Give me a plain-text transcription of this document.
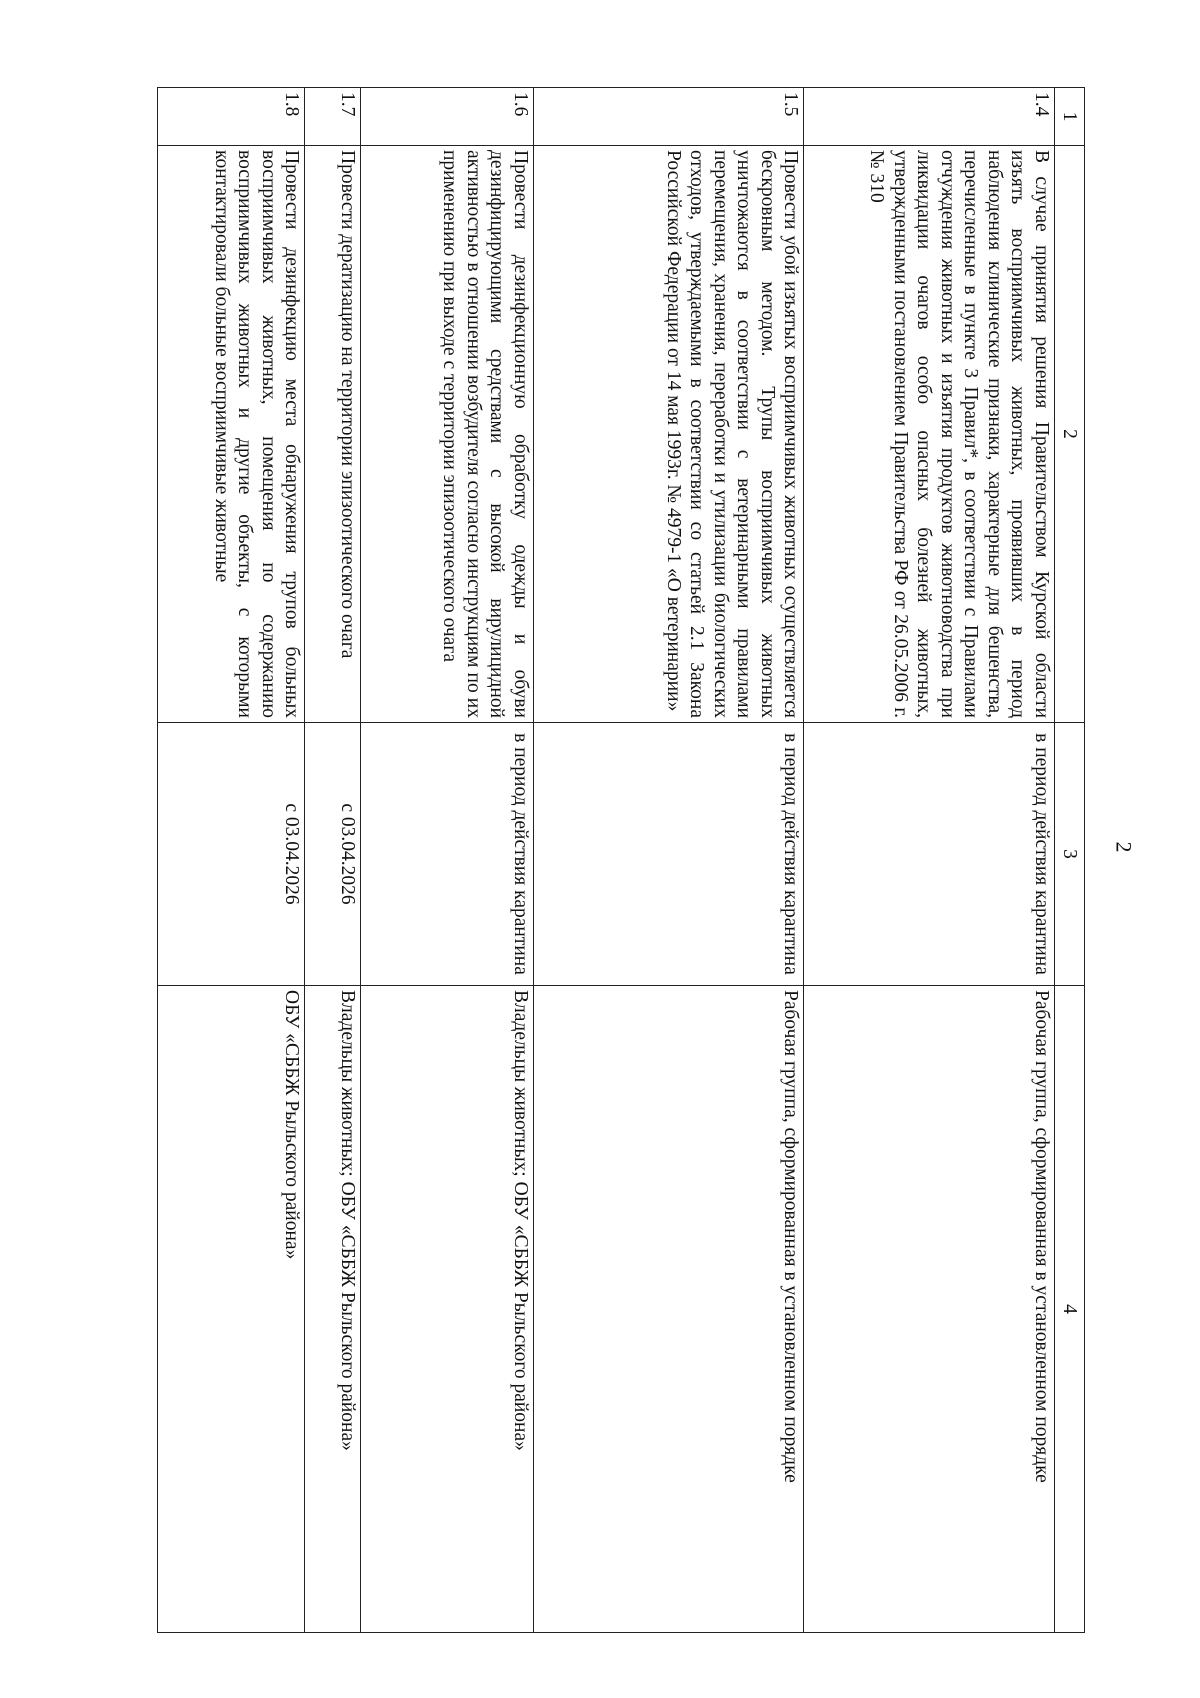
2
1	2	3	4
1.4	В случае принятия решения Правительством Курской области изъять восприимчивых животных, проявивших в период наблюдения клинические признаки, характерные для бешенства, перечисленные в пункте 3 Правил*, в соответствии с Правилами отчуждения животных и изъятия продуктов животноводства при ликвидации очагов особо опасных болезней животных, утвержденными постановлением Правительства РФ от 26.05.2006 г. № 310	в период действия карантина	Рабочая группа, сформированная в установленном порядке
1.5	Провести убой изъятых восприимчивых животных осуществляется бескровным методом. Трупы восприимчивых животных уничтожаются в соответствии с ветеринарными правилами перемещения, хранения, переработки и утилизации биологических отходов, утверждаемыми в соответствии со статьей 2.1 Закона Российской Федерации от 14 мая 1993г. № 4979-1 «О ветеринарии»	в период действия карантина	Рабочая группа, сформированная в установленном порядке
1.6	Провести дезинфекционную обработку одежды и обуви дезинфицирующими средствами с высокой вирулицидной активностью в отношении возбудителя согласно инструкциям по их применению при выходе с территории эпизоотического очага	в период действия карантина	Владельцы животных; ОБУ «СББЖ Рыльского района»
1.7	Провести дератизацию на территории эпизоотического очага	с 03.04.2026	Владельцы животных; ОБУ «СББЖ Рыльского района»
1.8	Провести дезинфекцию места обнаружения трупов больных восприимчивых животных, помещения по содержанию восприимчивых животных и другие объекты, с которыми контактировали больные восприимчивые животные	с 03.04.2026	ОБУ «СББЖ Рыльского района»
